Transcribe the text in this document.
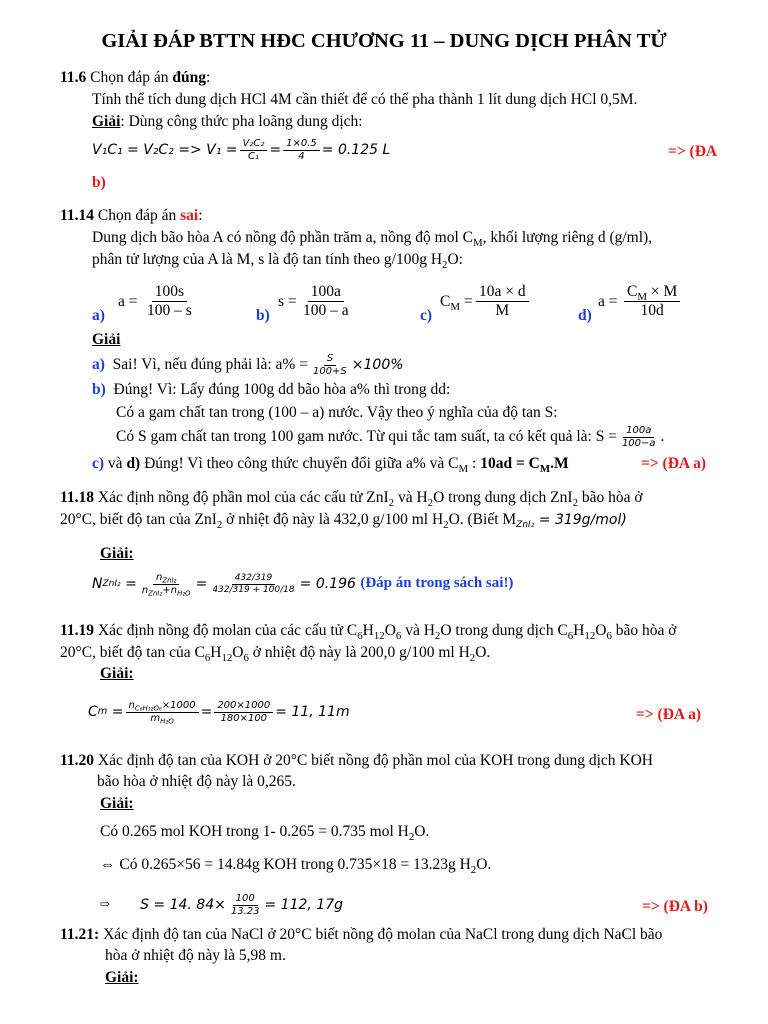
GIẢI ĐÁP BTTN HĐC CHƯƠNG 11 – DUNG DỊCH PHÂN TỬ
11.6 Chọn đáp án đúng:
Tính thể tích dung dịch HCl 4M cần thiết để có thể pha thành 1 lít dung dịch HCl 0,5M.
Giải: Dùng công thức pha loãng dung dịch:
$V_1C_1 = V_2C_2 => V_1 = \frac{\text{V₂C₂}}{\text{C₁}} = \frac{1\times 0.5}{4} = 0.125$ L	=> (ĐA
b)
11.14 Chọn đáp án sai:
Dung dịch bão hòa A có nồng độ phần trăm a, nồng độ mol $C_M$, khối lượng riêng d (g/ml),
phân tử lượng của A là M, s là độ tan tính theo g/100g $H_2O$:
a)
$a = \frac{100s}{100 - s}$	b)
$s = \frac{100a}{100 - a}$	c)
$C_M = \frac{10a \times d}{M}$	d)
$a = \frac{C_M \times M}{10d}$
Giải
a)
Sai! Vì, nếu đúng phải là: $a\% = \frac{S}{100+S} \times 100\%$
b) Đúng! Vì: Lấy đúng 100g dd bão hòa a% thì trong dd:
Có a gam chất tan trong (100 – a) nước. Vậy theo ý nghĩa của độ tan S:
Có S gam chất tan trong 100 gam nước. Từ qui tắc tam suất, ta có kết quả là: $S = \frac{100a}{100-a}$ .
c) và d) Đúng! Vì theo công thức chuyển đổi giữa a% và $C_M$ : $10ad = C_M.M$	=> (ĐA a)
11.18 Xác định nồng độ phần mol của các cấu tử ZnI$_2$ và $H_2O$ trong dung dịch ZnI$_2$ bão hòa ở
20°C, biết độ tan của ZnI$_2$ ở nhiệt độ này là 432,0 g/100 ml $H_2O$. (Biết $M_{ZnI_2} = 319g/mol$)
Giải:
N ZnI₂
= $\frac{n_{ZnI_2}}{n_{ZnI_2}+n_{H_2O}} = \frac{432/319}{432/319 + 100/18} = 0.196$
(Đáp án trong sách sai!)
11.19 Xác định nồng độ molan của các cấu tử $C_6H_{12}O_6$ và $H_2O$ trong dung dịch $C_6H_{12}O_6$ bão hòa ở
20°C, biết độ tan của $C_6H_{12}O_6$ ở nhiệt độ này là 200,0 g/100 ml $H_2O$.
Giải:
C $m = \frac{n_{C_6H_{12}O_6}\times 1000}{m_{H_2O}} = \frac{200\times 1000}{180\times 100} = 11$, 11m	=> (ĐA a)
11.20 Xác định độ tan của KOH ở 20°C biết nồng độ phần mol của KOH trong dung dịch KOH
bão hòa ở nhiệt độ này là 0,265.
Giải:
Có 0.265 mol KOH trong 1- 0.265 = 0.735 mol $H_2O$.
⇔ Có 0.265×56 = 14.84g KOH trong 0.735×18 = 13.23g $H_2O$.
⇨ S = 14. $84\times \frac{100}{13.23} = 112$, 17g	=> (ĐA b)
11.21: Xác định độ tan của NaCl ở 20°C biết nồng độ molan của NaCl trong dung dịch NaCl bão
hòa ở nhiệt độ này là 5,98 m.
Giải:
